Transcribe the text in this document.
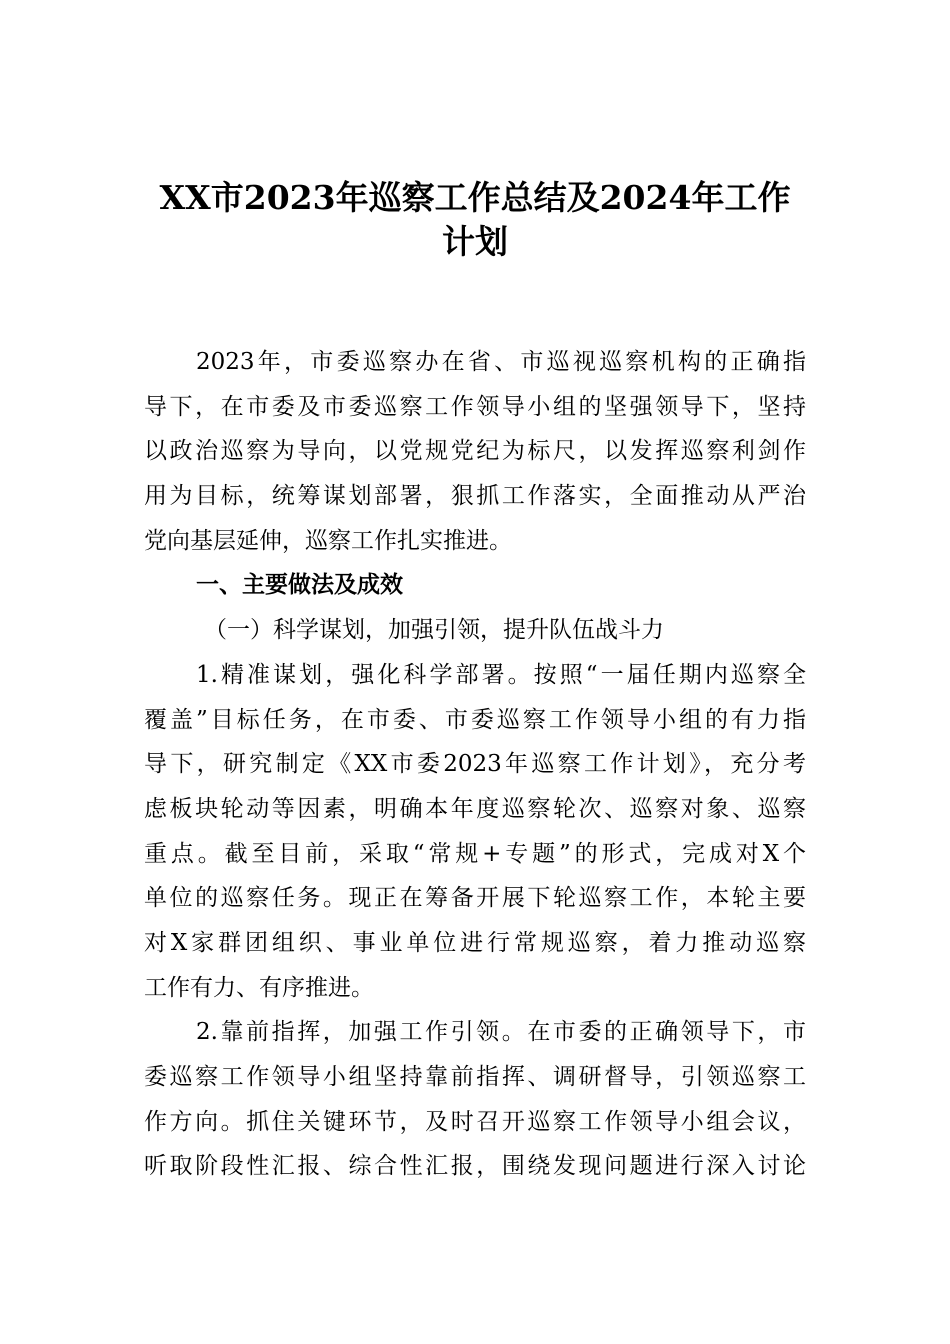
XX市2023年巡察工作总结及2024年工作
计划
2023年，市委巡察办在省、市巡视巡察机构的正确指
导下，在市委及市委巡察工作领导小组的坚强领导下，坚持
以政治巡察为导向，以党规党纪为标尺，以发挥巡察利剑作
用为目标，统筹谋划部署，狠抓工作落实，全面推动从严治
党向基层延伸，巡察工作扎实推进。
一、主要做法及成效
（一）科学谋划，加强引领，提升队伍战斗力
1.精准谋划，强化科学部署。按照“一届任期内巡察全
覆盖”目标任务，在市委、市委巡察工作领导小组的有力指
导下，研究制定《XX市委2023年巡察工作计划》，充分考
虑板块轮动等因素，明确本年度巡察轮次、巡察对象、巡察
重点。截至目前，采取“常规+专题”的形式，完成对X个
单位的巡察任务。现正在筹备开展下轮巡察工作，本轮主要
对X家群团组织、事业单位进行常规巡察，着力推动巡察
工作有力、有序推进。
2.靠前指挥，加强工作引领。在市委的正确领导下，市
委巡察工作领导小组坚持靠前指挥、调研督导，引领巡察工
作方向。抓住关键环节，及时召开巡察工作领导小组会议，
听取阶段性汇报、综合性汇报，围绕发现问题进行深入讨论
